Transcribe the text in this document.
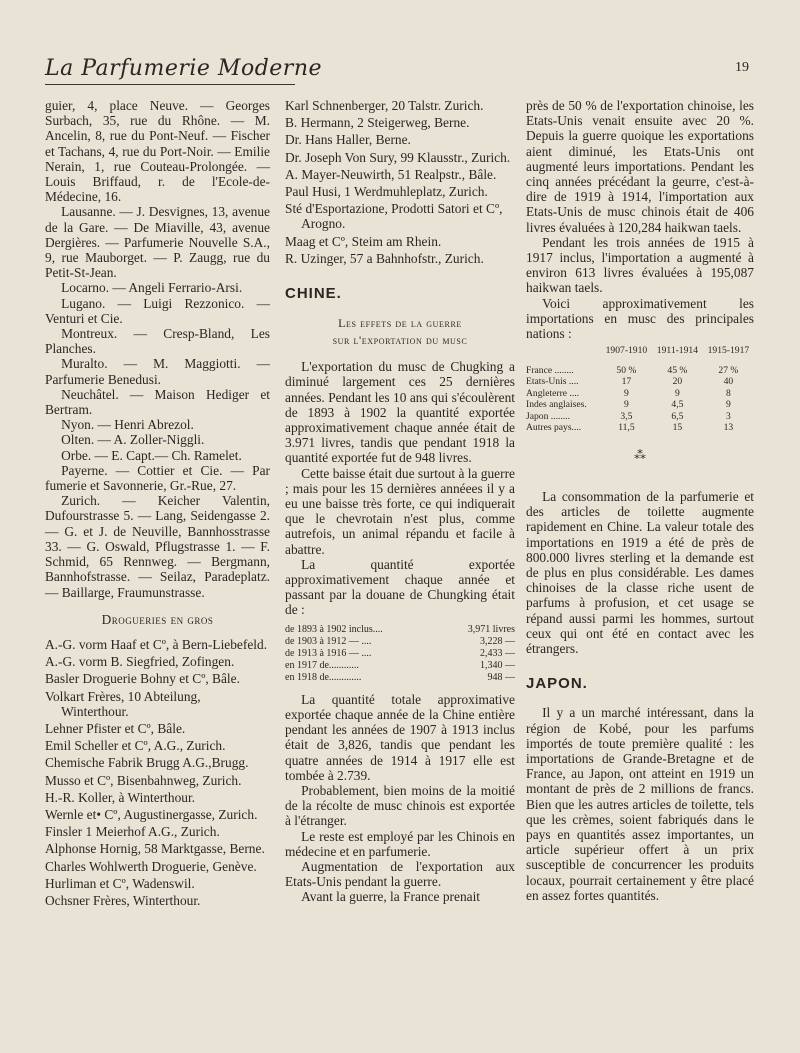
La Parfumerie Moderne	19

guier, 4, place Neuve. — Georges Surbach, 35, rue du Rhône. — M. Ancelin, 8, rue du Pont-Neuf. — Fischer et Tachans, 4, rue du Port-Noir. — Emilie Nerain, 1, rue Couteau-Prolongée. — Louis Briffaud, r. de l'Ecole-de-Médecine, 16.

Lausanne. — J. Desvignes, 13, avenue de la Gare. — De Miaville, 43, avenue Dergières. — Parfumerie Nouvelle S.A., 9, rue Mauborget. — P. Zaugg, rue du Petit-St-Jean.

Locarno. — Angeli Ferrario-Arsi.

Lugano. — Luigi Rezzonico. — Venturi et Cie.

Montreux. — Cresp-Bland, Les Planches.

Muralto. — M. Maggiotti. — Parfumerie Benedusi.

Neuchâtel. — Maison Hediger et Bertram.

Nyon. — Henri Abrezol.

Olten. — A. Zoller-Niggli.

Orbe. — E. Capt.— Ch. Ramelet.

Payerne. — Cottier et Cie. — Par fumerie et Savonnerie, Gr.-Rue, 27.

Zurich. — Keicher Valentin, Dufourstrasse 5. — Lang, Seidengasse 2. — G. et J. de Neuville, Bannhosstrasse 33. — G. Oswald, Pflugstrasse 1. — F. Schmid, 65 Rennweg. — Bergmann, Bannhofstrasse. — Seilaz, Paradeplatz. — Baillarge, Fraumunstrasse.

Drogueries en gros

A.-G. vorm Haaf et Cº, à Bern-Liebefeld.

A.-G. vorm B. Siegfried, Zofingen.

Basler Droguerie Bohny et Cº, Bâle.

Volkart Frères, 10 Abteilung, Winterthour.

Lehner Pfister et Cº, Bâle.

Emil Scheller et Cº, A.G., Zurich.

Chemische Fabrik Brugg A.G.,Brugg.

Musso et Cº, Bisenbahnweg, Zurich.

H.-R. Koller, à Winterthour.

Wernle et• Cº, Augustinergasse, Zurich.

Finsler 1 Meierhof A.G., Zurich.

Alphonse Hornig, 58 Marktgasse, Berne.

Charles Wohlwerth Droguerie, Genève.

Hurliman et Cº, Wadenswil.

Ochsner Frères, Winterthour.

Karl Schnenberger, 20 Talstr. Zurich.

B. Hermann, 2 Steigerweg, Berne.

Dr. Hans Haller, Berne.

Dr. Joseph Von Sury, 99 Klausstr., Zurich.

A. Mayer-Neuwirth, 51 Realpstr., Bâle.

Paul Husi, 1 Werdmuhleplatz, Zurich.

Sté d'Esportazione, Prodotti Satori et Cº, Arogno.

Maag et Cº, Steim am Rhein.

R. Uzinger, 57 a Bahnhofstr., Zurich.

CHINE.

Les effets de la guerre
sur l'exportation du musc

L'exportation du musc de Chugking a diminué largement ces 25 dernières années. Pendant les 10 ans qui s'écoulèrent de 1893 à 1902 la quantité exportée approximativement chaque année était de 3.971 livres, tandis que pendant 1918 la quantité exportée fut de 948 livres.

Cette baisse était due surtout à la guerre ; mais pour les 15 dernières annéees il y a eu une baisse très forte, ce qui indiquerait que le chevrotain n'est plus, comme autrefois, un animal répandu et facile à abattre.

La quantité exportée approximativement chaque année et passant par la douane de Chungking était de :

de 1893 à 1902 inclus....	3,971 livres
de 1903 à 1912 — ....	3,228 —
de 1913 à 1916 — ....	2,433 —
en 1917 de............	1,340 —
en 1918 de.............	948 —

La quantité totale approximative exportée chaque année de la Chine entière pendant les années de 1907 à 1913 inclus était de 3,826, tandis que pendant les quatre années de 1914 à 1917 elle est tombée à 2.739.

Probablement, bien moins de la moitié de la récolte de musc chinois est exportée à l'étranger.

Le reste est employé par les Chinois en médecine et en parfumerie.

Augmentation de l'exportation aux Etats-Unis pendant la guerre.

Avant la guerre, la France prenait

près de 50 % de l'exportation chinoise, les Etats-Unis venait ensuite avec 20 %. Depuis la guerre quoique les exportations aient diminué, les Etats-Unis ont augmenté leurs importations. Pendant les cinq années précédant la geurre, c'est-à-dire de 1919 à 1914, l'importation aux Etats-Unis de musc chinois était de 406 livres évaluées à 120,284 haikwan taels.

Pendant les trois années de 1915 à 1917 inclus, l'importation a augmenté à environ 613 livres évaluées à 195,087 haikwan taels.

Voici approximativement les importations en musc des principales nations :

	1907-1910	1911-1914	1915-1917
France ........	50 %	45 %	27 %
Etats-Unis ....	17	20	40
Angleterre ....	9	9	8
Indes anglaises.	9	4,5	9
Japon ........	3,5	6,5	3
Autres pays....	11,5	15	13

⁂

La consommation de la parfumerie et des articles de toilette augmente rapidement en Chine. La valeur totale des importations en 1919 a été de près de 800.000 livres sterling et la demande est de plus en plus considérable. Les dames chinoises de la classe riche usent de parfums à profusion, et cet usage se répand aussi parmi les hommes, surtout ceux qui ont été en contact avec les étrangers.

JAPON.

Il y a un marché intéressant, dans la région de Kobé, pour les parfums importés de toute première qualité : les importations de Grande-Bretagne et de France, au Japon, ont atteint en 1919 un montant de près de 2 millions de francs. Bien que les autres articles de toilette, tels que les crèmes, soient fabriqués dans le pays en quantités assez importantes, un article supérieur offert à un prix susceptible de concurrencer les produits locaux, pourrait certainement y être placé en assez fortes quantités.
